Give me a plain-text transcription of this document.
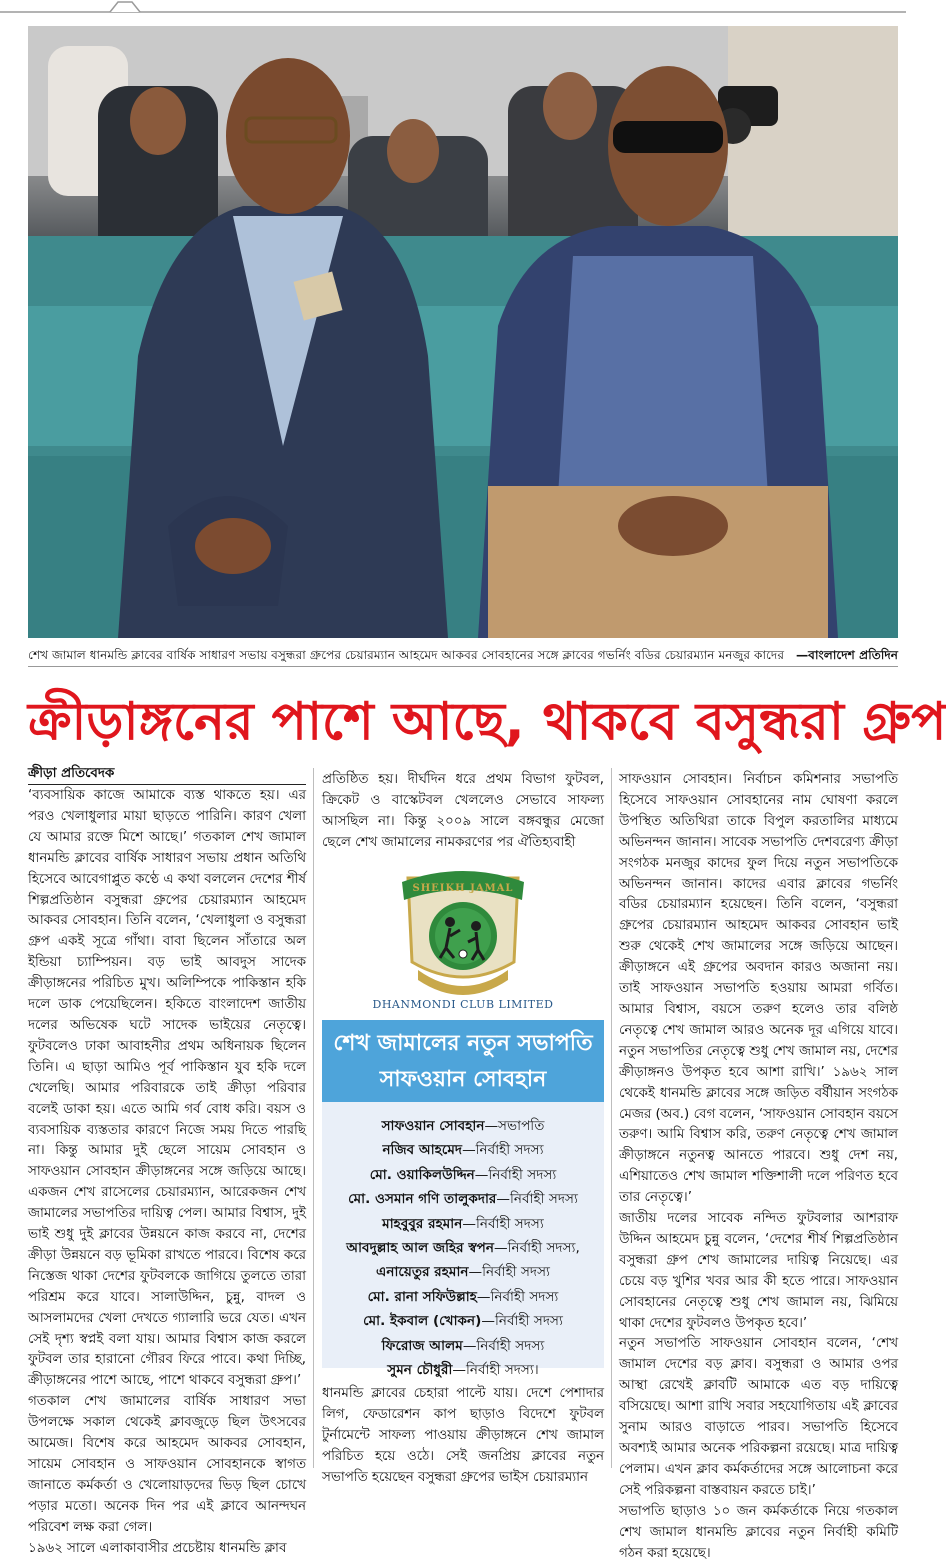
শেখ জামাল ধানমন্ডি ক্লাবের বার্ষিক সাধারণ সভায় বসুন্ধরা গ্রুপের চেয়ারম্যান আহমেদ আকবর সোবহানের সঙ্গে ক্লাবের গভর্নিং বডির চেয়ারম্যান মনজুর কাদের —বাংলাদেশ প্রতিদিন
ক্রীড়াঙ্গনের পাশে আছে, থাকবে বসুন্ধরা গ্রুপ
ক্রীড়া প্রতিবেদক

‘ব্যবসায়িক কাজে আমাকে ব্যস্ত থাকতে হয়। এর পরও খেলাধুলার মায়া ছাড়তে পারিনি। কারণ খেলা যে আমার রক্তে মিশে আছে।’ গতকাল শেখ জামাল ধানমন্ডি ক্লাবের বার্ষিক সাধারণ সভায় প্রধান অতিথি হিসেবে আবেগাপ্লুত কণ্ঠে এ কথা বললেন দেশের শীর্ষ শিল্পপ্রতিষ্ঠান বসুন্ধরা গ্রুপের চেয়ারম্যান আহমেদ আকবর সোবহান। তিনি বলেন, ‘খেলাধুলা ও বসুন্ধরা গ্রুপ একই সূত্রে গাঁথা। বাবা ছিলেন সাঁতারে অল ইন্ডিয়া চ্যাম্পিয়ন। বড় ভাই আবদুস সাদেক ক্রীড়াঙ্গনের পরিচিত মুখ। অলিম্পিকে পাকিস্তান হকি দলে ডাক পেয়েছিলেন। হকিতে বাংলাদেশ জাতীয় দলের অভিষেক ঘটে সাদেক ভাইয়ের নেতৃত্বে। ফুটবলেও ঢাকা আবাহনীর প্রথম অধিনায়ক ছিলেন তিনি। এ ছাড়া আমিও পূর্ব পাকিস্তান যুব হকি দলে খেলেছি। আমার পরিবারকে তাই ক্রীড়া পরিবার বলেই ডাকা হয়। এতে আমি গর্ব বোধ করি। বয়স ও ব্যবসায়িক ব্যস্ততার কারণে নিজে সময় দিতে পারছি না। কিন্তু আমার দুই ছেলে সায়েম সোবহান ও সাফওয়ান সোবহান ক্রীড়াঙ্গনের সঙ্গে জড়িয়ে আছে। একজন শেখ রাসেলের চেয়ারম্যান, আরেকজন শেখ জামালের সভাপতির দায়িত্ব পেল। আমার বিশ্বাস, দুই ভাই শুধু দুই ক্লাবের উন্নয়নে কাজ করবে না, দেশের ক্রীড়া উন্নয়নে বড় ভূমিকা রাখতে পারবে। বিশেষ করে নিস্তেজ থাকা দেশের ফুটবলকে জাগিয়ে তুলতে তারা পরিশ্রম করে যাবে। সালাউদ্দিন, চুন্নু, বাদল ও আসলামদের খেলা দেখতে গ্যালারি ভরে যেত। এখন সেই দৃশ্য স্বপ্নই বলা যায়। আমার বিশ্বাস কাজ করলে ফুটবল তার হারানো গৌরব ফিরে পাবে। কথা দিচ্ছি, ক্রীড়াঙ্গনের পাশে আছে, পাশে থাকবে বসুন্ধরা গ্রুপ।’

গতকাল শেখ জামালের বার্ষিক সাধারণ সভা উপলক্ষে সকাল থেকেই ক্লাবজুড়ে ছিল উৎসবের আমেজ। বিশেষ করে আহমেদ আকবর সোবহান, সায়েম সোবহান ও সাফওয়ান সোবহানকে স্বাগত জানাতে কর্মকর্তা ও খেলোয়াড়দের ভিড় ছিল চোখে পড়ার মতো। অনেক দিন পর এই ক্লাবে আনন্দঘন পরিবেশ লক্ষ করা গেল।

১৯৬২ সালে এলাকাবাসীর প্রচেষ্টায় ধানমন্ডি ক্লাব

প্রতিষ্ঠিত হয়। দীর্ঘদিন ধরে প্রথম বিভাগ ফুটবল, ক্রিকেট ও বাস্কেটবল খেললেও সেভাবে সাফল্য আসছিল না। কিন্তু ২০০৯ সালে বঙ্গবন্ধুর মেজো ছেলে শেখ জামালের নামকরণের পর ঐতিহ্যবাহী

SHEIKH JAMAL
DHANMONDI CLUB LIMITED
শেখ জামালের নতুন সভাপতি
সাফওয়ান সোবহান
সাফওয়ান সোবহান—সভাপতি
নজিব আহমেদ—নির্বাহী সদস্য
মো. ওয়াকিলউদ্দিন—নির্বাহী সদস্য
মো. ওসমান গণি তালুকদার—নির্বাহী সদস্য
মাহবুবুর রহমান—নির্বাহী সদস্য
আবদুল্লাহ আল জহির স্বপন—নির্বাহী সদস্য,
এনায়েতুর রহমান—নির্বাহী সদস্য
মো. রানা সফিউল্লাহ—নির্বাহী সদস্য
মো. ইকবাল (খোকন)—নির্বাহী সদস্য
ফিরোজ আলম—নির্বাহী সদস্য
সুমন চৌধুরী—নির্বাহী সদস্য।

ধানমন্ডি ক্লাবের চেহারা পাল্টে যায়। দেশে পেশাদার লিগ, ফেডারেশন কাপ ছাড়াও বিদেশে ফুটবল টুর্নামেন্টে সাফল্য পাওয়ায় ক্রীড়াঙ্গনে শেখ জামাল পরিচিত হয়ে ওঠে। সেই জনপ্রিয় ক্লাবের নতুন সভাপতি হয়েছেন বসুন্ধরা গ্রুপের ভাইস চেয়ারম্যান

সাফওয়ান সোবহান। নির্বাচন কমিশনার সভাপতি হিসেবে সাফওয়ান সোবহানের নাম ঘোষণা করলে উপস্থিত অতিথিরা তাকে বিপুল করতালির মাধ্যমে অভিনন্দন জানান। সাবেক সভাপতি দেশবরেণ্য ক্রীড়া সংগঠক মনজুর কাদের ফুল দিয়ে নতুন সভাপতিকে অভিনন্দন জানান। কাদের এবার ক্লাবের গভর্নিং বডির চেয়ারম্যান হয়েছেন। তিনি বলেন, ‘বসুন্ধরা গ্রুপের চেয়ারম্যান আহমেদ আকবর সোবহান ভাই শুরু থেকেই শেখ জামালের সঙ্গে জড়িয়ে আছেন। ক্রীড়াঙ্গনে এই গ্রুপের অবদান কারও অজানা নয়। তাই সাফওয়ান সভাপতি হওয়ায় আমরা গর্বিত। আমার বিশ্বাস, বয়সে তরুণ হলেও তার বলিষ্ঠ নেতৃত্বে শেখ জামাল আরও অনেক দূর এগিয়ে যাবে। নতুন সভাপতির নেতৃত্বে শুধু শেখ জামাল নয়, দেশের ক্রীড়াঙ্গনও উপকৃত হবে আশা রাখি।’ ১৯৬২ সাল থেকেই ধানমন্ডি ক্লাবের সঙ্গে জড়িত বর্ষীয়ান সংগঠক মেজর (অব.) বেগ বলেন, ‘সাফওয়ান সোবহান বয়সে তরুণ। আমি বিশ্বাস করি, তরুণ নেতৃত্বে শেখ জামাল ক্রীড়াঙ্গনে নতুনত্ব আনতে পারবে। শুধু দেশ নয়, এশিয়াতেও শেখ জামাল শক্তিশালী দলে পরিণত হবে তার নেতৃত্বে।’

জাতীয় দলের সাবেক নন্দিত ফুটবলার আশরাফ উদ্দিন আহমেদ চুন্নু বলেন, ‘দেশের শীর্ষ শিল্পপ্রতিষ্ঠান বসুন্ধরা গ্রুপ শেখ জামালের দায়িত্ব নিয়েছে। এর চেয়ে বড় খুশির খবর আর কী হতে পারে। সাফওয়ান সোবহানের নেতৃত্বে শুধু শেখ জামাল নয়, ঝিমিয়ে থাকা দেশের ফুটবলও উপকৃত হবে।’

নতুন সভাপতি সাফওয়ান সোবহান বলেন, ‘শেখ জামাল দেশের বড় ক্লাব। বসুন্ধরা ও আমার ওপর আস্থা রেখেই ক্লাবটি আমাকে এত বড় দায়িত্বে বসিয়েছে। আশা রাখি সবার সহযোগিতায় এই ক্লাবের সুনাম আরও বাড়াতে পারব। সভাপতি হিসেবে অবশ্যই আমার অনেক পরিকল্পনা রয়েছে। মাত্র দায়িত্ব পেলাম। এখন ক্লাব কর্মকর্তাদের সঙ্গে আলোচনা করে সেই পরিকল্পনা বাস্তবায়ন করতে চাই।’

সভাপতি ছাড়াও ১০ জন কর্মকর্তাকে নিয়ে গতকাল শেখ জামাল ধানমন্ডি ক্লাবের নতুন নির্বাহী কমিটি গঠন করা হয়েছে।
